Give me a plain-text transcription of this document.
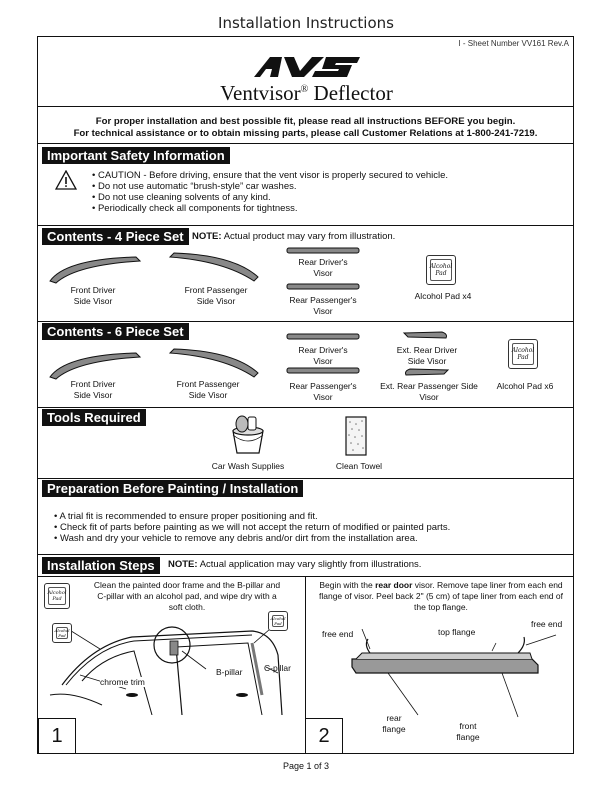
Installation Instructions
I - Sheet Number VV161 Rev.A
Ventvisor® Deflector
For proper installation and best possible fit, please read all instructions BEFORE you begin.
For technical assistance or to obtain missing parts, please call Customer Relations at 1-800-241-7219.
Important Safety Information
• CAUTION - Before driving, ensure that the vent visor is properly secured to vehicle.
• Do not use automatic “brush-style” car washes.
• Do not use cleaning solvents of any kind.
• Periodically check all components for tightness.
Contents - 4 Piece Set NOTE: Actual product may vary from illustration.
Front Driver
Side Visor
Front Passenger
Side Visor
Rear Driver's
Visor
Rear Passenger's
Visor
Alcohol
Pad
Alcohol Pad x4
Contents - 6 Piece Set
Front Driver
Side Visor
Front Passenger
Side Visor
Rear Driver's
Visor
Rear Passenger's
Visor
Ext. Rear Driver
Side Visor
Ext. Rear Passenger Side
Visor
Alcohol
Pad
Alcohol Pad x6
Tools Required
Car Wash Supplies	Clean Towel
Preparation Before Painting / Installation
• A trial fit is recommended to ensure proper positioning and fit.
• Check fit of parts before painting as we will not accept the return of modified or painted parts.
• Wash and dry your vehicle to remove any debris and/or dirt from the installation area.
Installation Steps	NOTE: Actual application may vary slightly from illustrations.
Alcohol
Pad
Clean the painted door frame and the B-pillar and
C-pillar with an alcohol pad, and wipe dry with a
soft cloth.
Alcohol
Pad
Alcohol
Pad
chrome trim
B-pillar	C-pillar
1
Begin with the rear door visor. Remove tape liner from each end
flange of visor. Peel back 2" (5 cm) of tape liner from each end of
the top flange.
free end	top flange
free end
rear
flange	front
flange
2
Page 1 of 3
